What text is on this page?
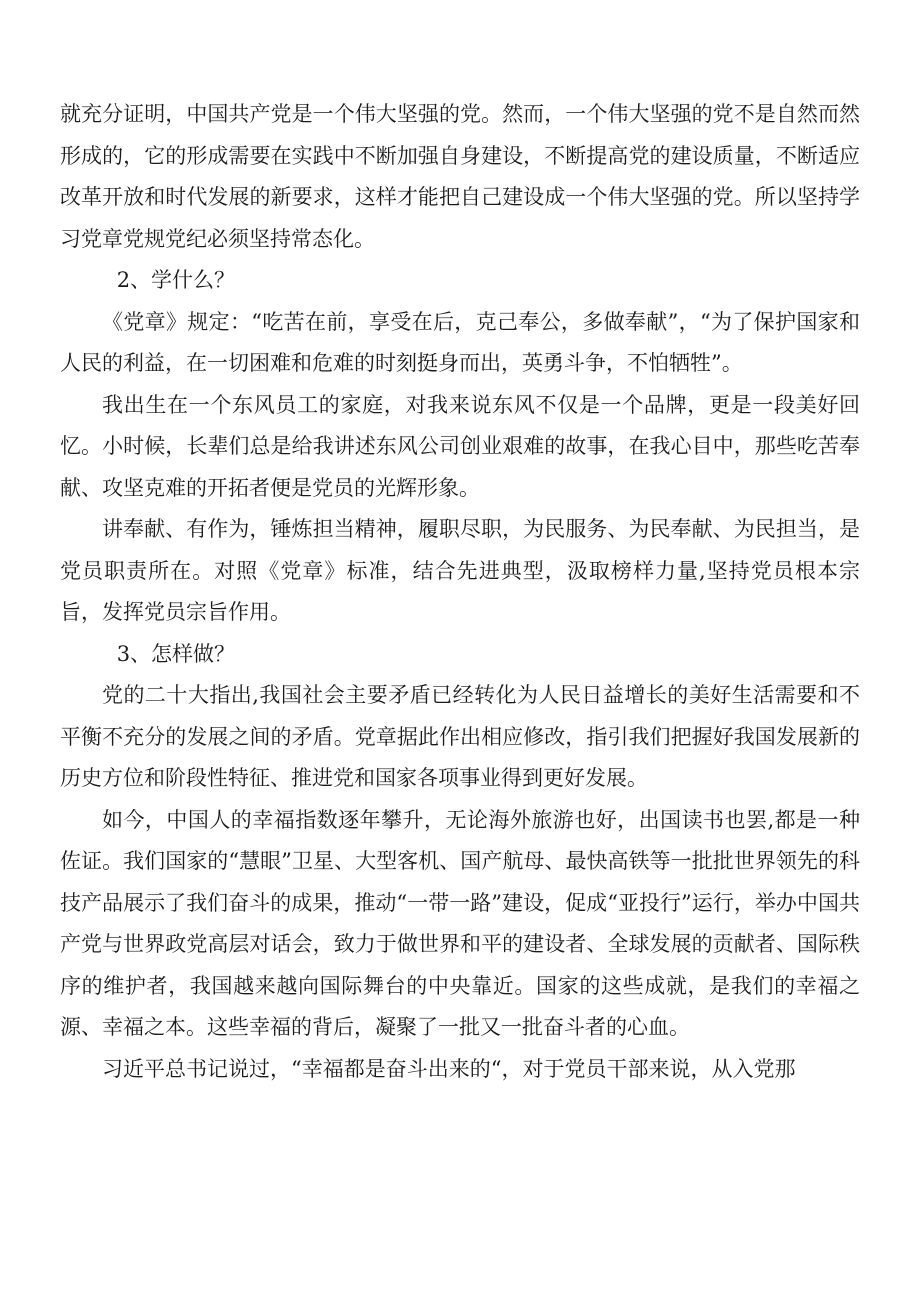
就充分证明，中国共产党是一个伟大坚强的党。然而，一个伟大坚强的党不是自然而然形成的，它的形成需要在实践中不断加强自身建设，不断提高党的建设质量，不断适应改革开放和时代发展的新要求，这样才能把自己建设成一个伟大坚强的党。所以坚持学习党章党规党纪必须坚持常态化。

2、学什么？

《党章》规定：“吃苦在前，享受在后，克己奉公，多做奉献”，“为了保护国家和人民的利益，在一切困难和危难的时刻挺身而出，英勇斗争，不怕牺牲”。

我出生在一个东风员工的家庭，对我来说东风不仅是一个品牌，更是一段美好回忆。小时候，长辈们总是给我讲述东风公司创业艰难的故事，在我心目中，那些吃苦奉献、攻坚克难的开拓者便是党员的光辉形象。

讲奉献、有作为，锤炼担当精神，履职尽职，为民服务、为民奉献、为民担当，是党员职责所在。对照《党章》标准，结合先进典型，汲取榜样力量,坚持党员根本宗旨，发挥党员宗旨作用。

3、怎样做？

党的二十大指出,我国社会主要矛盾已经转化为人民日益增长的美好生活需要和不平衡不充分的发展之间的矛盾。党章据此作出相应修改，指引我们把握好我国发展新的历史方位和阶段性特征、推进党和国家各项事业得到更好发展。

如今，中国人的幸福指数逐年攀升，无论海外旅游也好，出国读书也罢,都是一种佐证。我们国家的“慧眼”卫星、大型客机、国产航母、最快高铁等一批批世界领先的科技产品展示了我们奋斗的成果，推动“一带一路”建设，促成“亚投行”运行，举办中国共产党与世界政党高层对话会，致力于做世界和平的建设者、全球发展的贡献者、国际秩序的维护者，我国越来越向国际舞台的中央靠近。国家的这些成就，是我们的幸福之源、幸福之本。这些幸福的背后，凝聚了一批又一批奋斗者的心血。

习近平总书记说过，“幸福都是奋斗出来的“，对于党员干部来说，从入党那
